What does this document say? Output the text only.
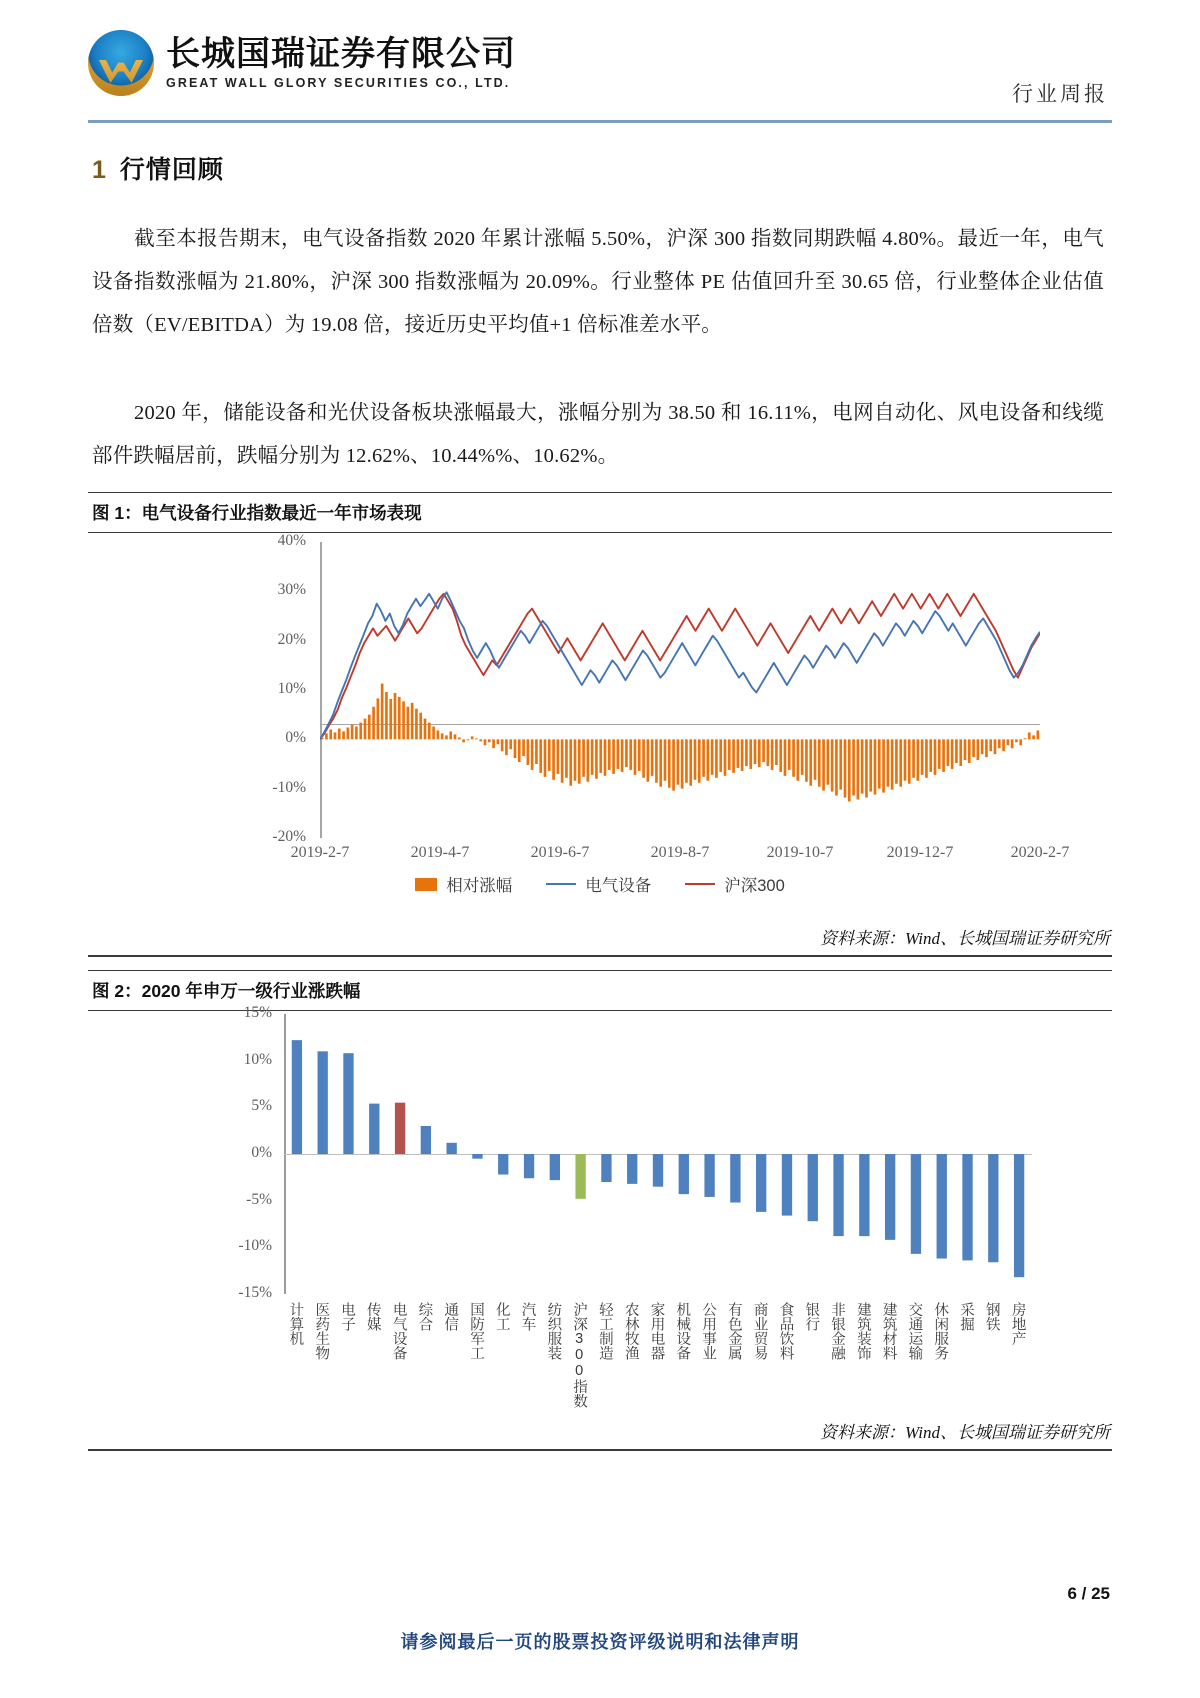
长城国瑞证券有限公司
GREAT WALL GLORY SECURITIES CO., LTD.	行业周报
1 行情回顾
截至本报告期末，电气设备指数 2020 年累计涨幅 5.50%，沪深 300 指数同期跌幅 4.80%。最近一年，电气设备指数涨幅为 21.80%，沪深 300 指数涨幅为 20.09%。行业整体 PE 估值回升至 30.65 倍，行业整体企业估值倍数（EV/EBITDA）为 19.08 倍，接近历史平均值+1 倍标准差水平。
2020 年，储能设备和光伏设备板块涨幅最大，涨幅分别为 38.50 和 16.11%，电网自动化、风电设备和线缆部件跌幅居前，跌幅分别为 12.62%、10.44%%、10.62%。
图 1：电气设备行业指数最近一年市场表现
40%
30%
20%
10%
0%
-10%
-20%
2019-2-7	2019-4-7	2019-6-7	2019-8-7	2019-10-7	2019-12-7	2020-2-7
相对涨幅	电气设备	沪深300
资料来源：Wind、长城国瑞证券研究所
图 2：2020 年申万一级行业涨跌幅
15%
10%
5%
0%
-5%
-10%
-15%
计算机 医药生物 电子 传媒 电气设备 综合 通信 国防军工 化工 汽车 纺织服装 沪深300指数 轻工制造 农林牧渔 家用电器 机械设备 公用事业 有色金属 商业贸易 食品饮料 银行 非银金融 建筑装饰 建筑材料 交通运输 休闲服务 采掘 钢铁 房地产
资料来源：Wind、长城国瑞证券研究所
6 / 25
请参阅最后一页的股票投资评级说明和法律声明
